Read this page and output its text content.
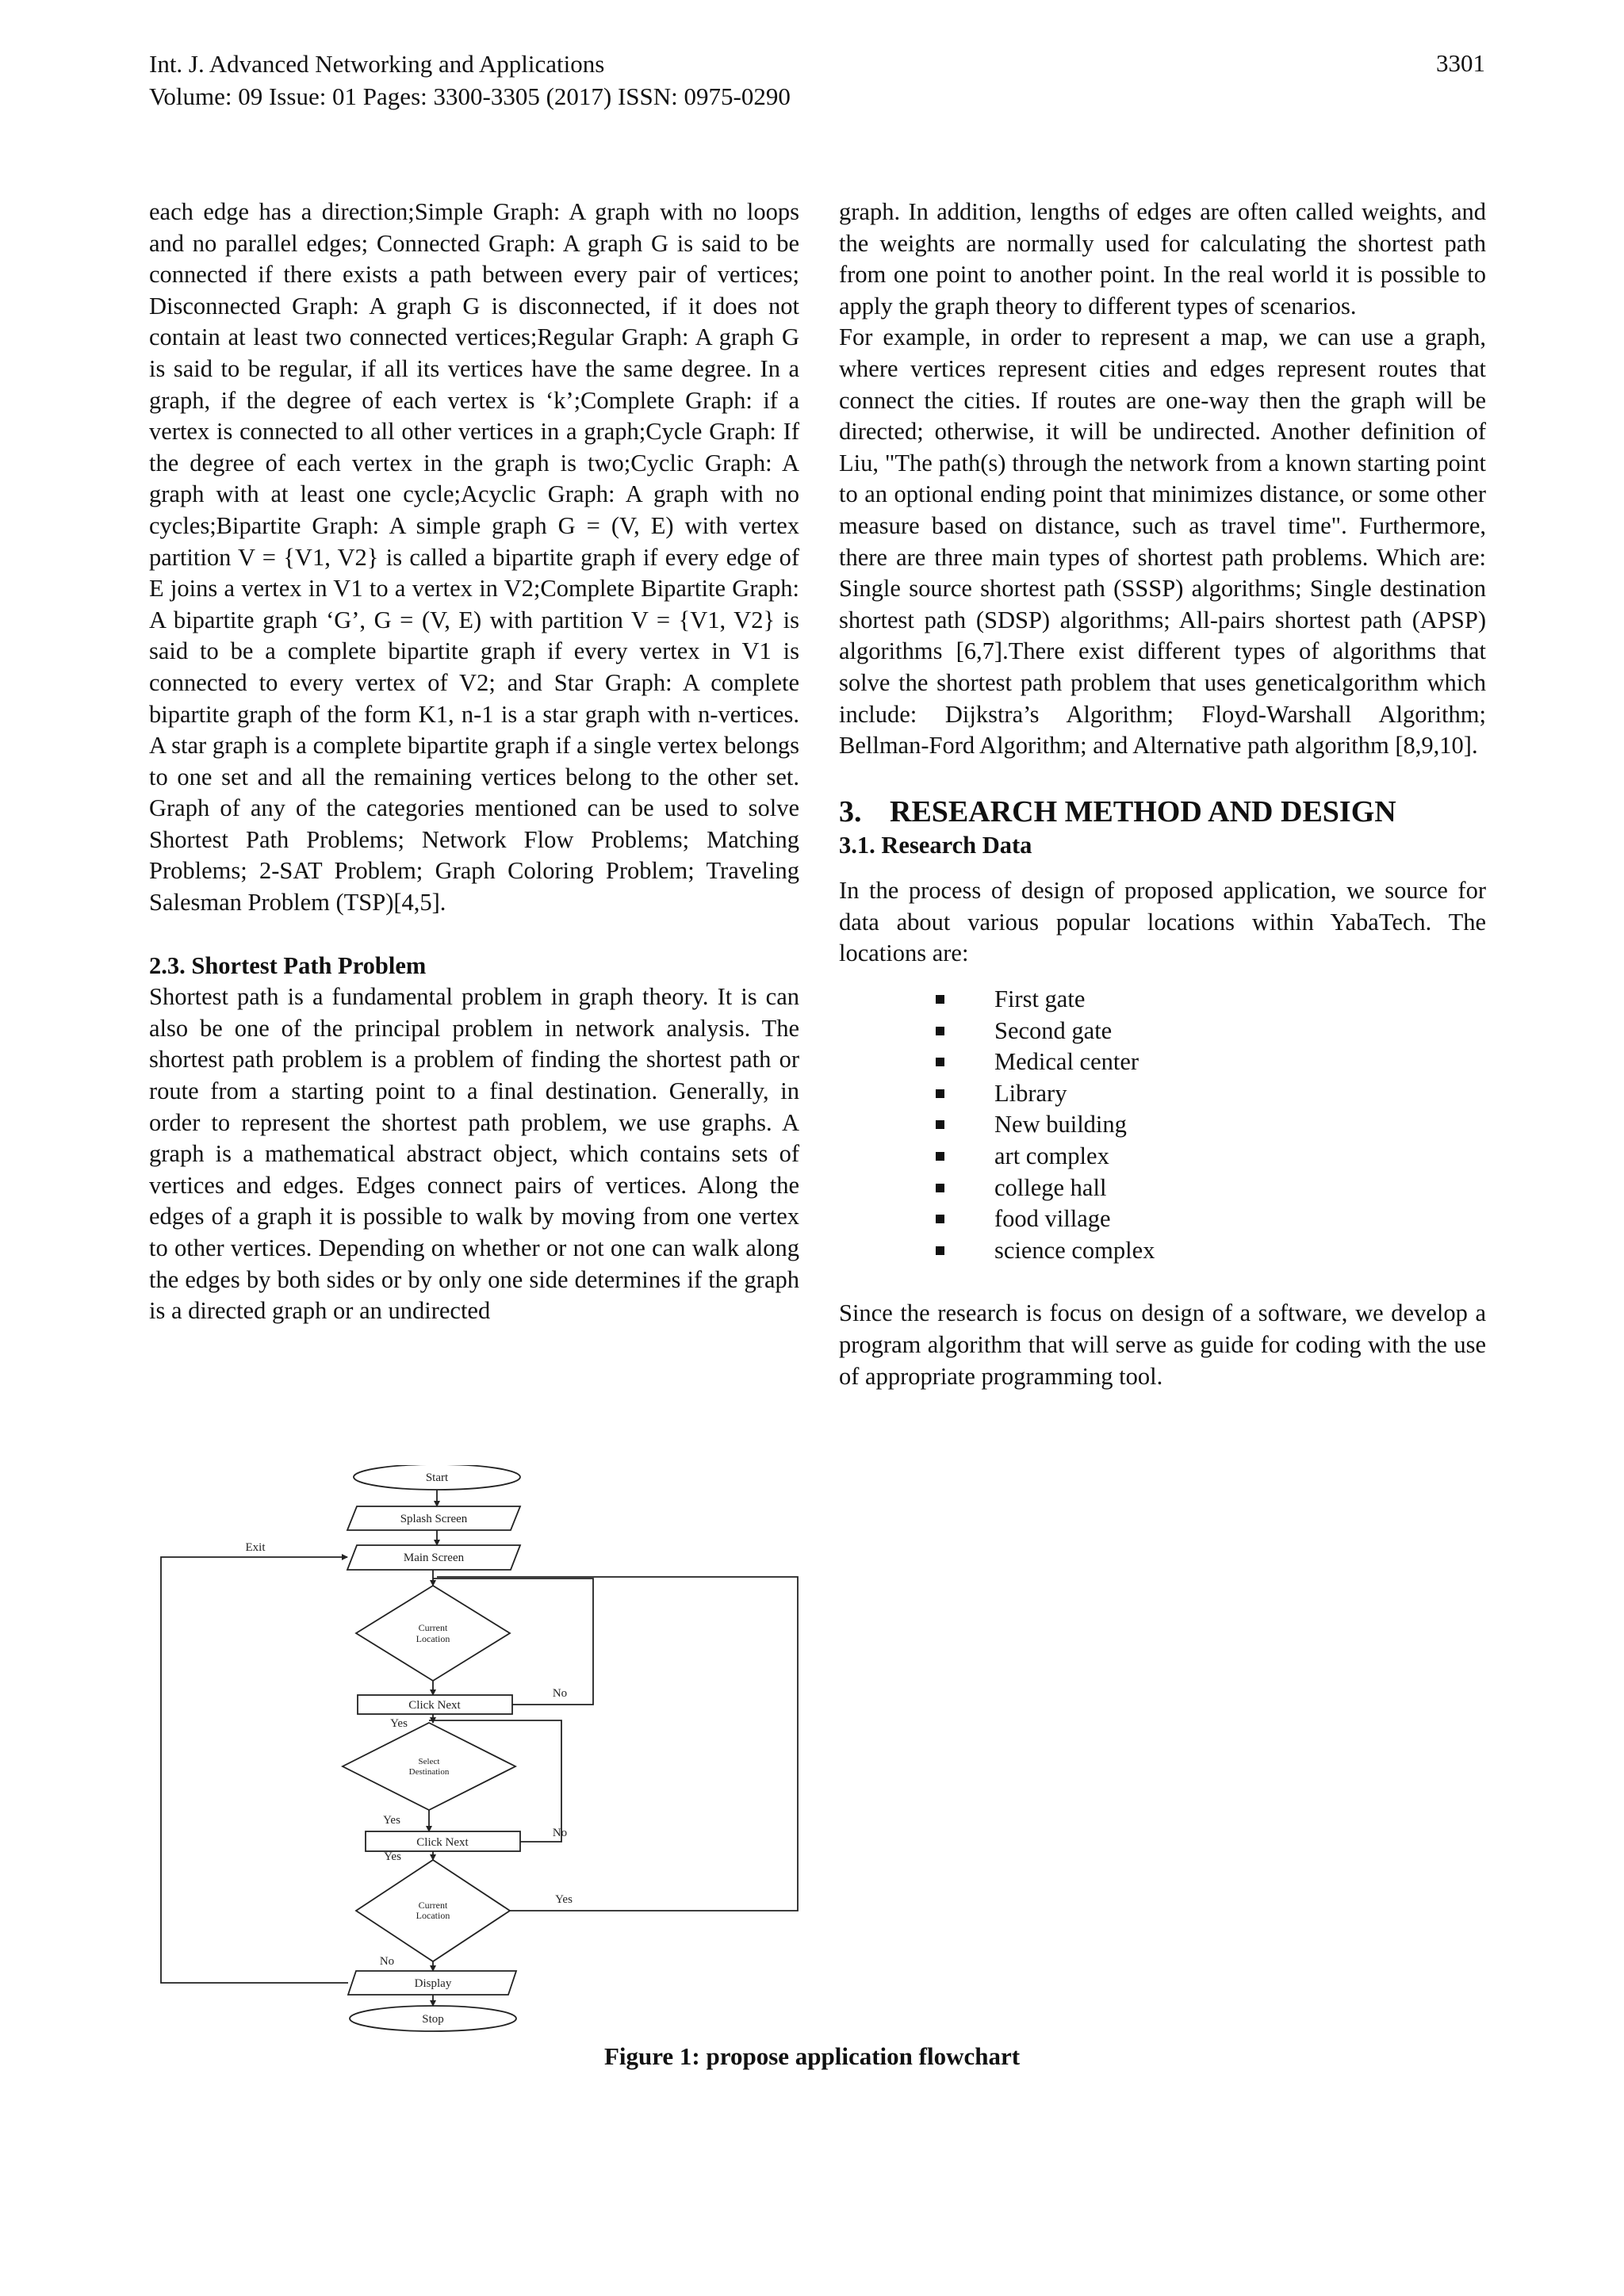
Int. J. Advanced Networking and Applications
Volume: 09 Issue: 01 Pages: 3300-3305 (2017) ISSN: 0975-0290
3301

each edge has a direction;Simple Graph: A graph with no loops and no parallel edges; Connected Graph: A graph G is said to be connected if there exists a path between every pair of vertices; Disconnected Graph: A graph G is disconnected, if it does not contain at least two connected vertices;Regular Graph: A graph G is said to be regular, if all its vertices have the same degree. In a graph, if the degree of each vertex is ‘k’;Complete Graph: if a vertex is connected to all other vertices in a graph;Cycle Graph: If the degree of each vertex in the graph is two;Cyclic Graph: A graph with at least one cycle;Acyclic Graph: A graph with no cycles;Bipartite Graph: A simple graph G = (V, E) with vertex partition V = {V1, V2} is called a bipartite graph if every edge of E joins a vertex in V1 to a vertex in V2;Complete Bipartite Graph: A bipartite graph ‘G’, G = (V, E) with partition V = {V1, V2} is said to be a complete bipartite graph if every vertex in V1 is connected to every vertex of V2; and Star Graph: A complete bipartite graph of the form K1, n-1 is a star graph with n-vertices. A star graph is a complete bipartite graph if a single vertex belongs to one set and all the remaining vertices belong to the other set. Graph of any of the categories mentioned can be used to solve Shortest Path Problems; Network Flow Problems; Matching Problems; 2-SAT Problem; Graph Coloring Problem; Traveling Salesman Problem (TSP)[4,5].

2.3. Shortest Path Problem

Shortest path is a fundamental problem in graph theory. It is can also be one of the principal problem in network analysis. The shortest path problem is a problem of finding the shortest path or route from a starting point to a final destination. Generally, in order to represent the shortest path problem, we use graphs. A graph is a mathematical abstract object, which contains sets of vertices and edges. Edges connect pairs of vertices. Along the edges of a graph it is possible to walk by moving from one vertex to other vertices. Depending on whether or not one can walk along the edges by both sides or by only one side determines if the graph is a directed graph or an undirected

graph. In addition, lengths of edges are often called weights, and the weights are normally used for calculating the shortest path from one point to another point. In the real world it is possible to apply the graph theory to different types of scenarios.

For example, in order to represent a map, we can use a graph, where vertices represent cities and edges represent routes that connect the cities. If routes are one-way then the graph will be directed; otherwise, it will be undirected. Another definition of Liu, "The path(s) through the network from a known starting point to an optional ending point that minimizes distance, or some other measure based on distance, such as travel time". Furthermore, there are three main types of shortest path problems. Which are: Single source shortest path (SSSP) algorithms; Single destination shortest path (SDSP) algorithms; All-pairs shortest path (APSP) algorithms [6,7].There exist different types of algorithms that solve the shortest path problem that uses geneticalgorithm which include: Dijkstra’s Algorithm; Floyd-Warshall Algorithm; Bellman-Ford Algorithm; and Alternative path algorithm [8,9,10].

3. RESEARCH METHOD AND DESIGN

3.1. Research Data

In the process of design of proposed application, we source for data about various popular locations within YabaTech. The locations are:

First gate
Second gate
Medical center
Library
New building
art complex
college hall
food village
science complex

Since the research is focus on design of a software, we develop a program algorithm that will serve as guide for coding with the use of appropriate programming tool.

Start
Splash Screen
Exit
Main Screen
Current
Location
Click Next
No
Yes
Select
Destination
Yes
Click Next
No
Yes
Current
Location
Yes
No
Display
Stop
Figure 1: propose application flowchart
